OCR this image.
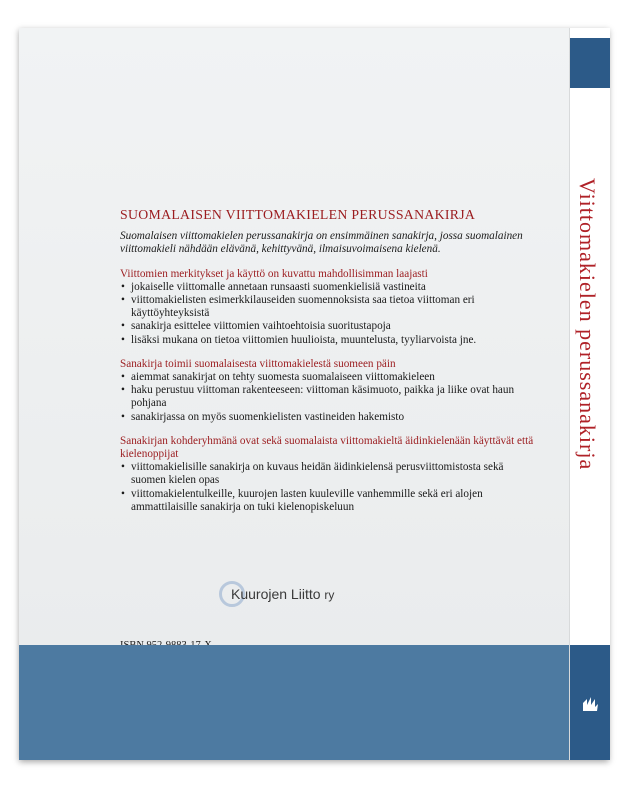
SUOMALAISEN VIITTOMAKIELEN PERUSSANAKIRJA
Suomalaisen viittomakielen perussanakirja on ensimmäinen sanakirja, jossa suomalainen viittomakieli nähdään elävänä, kehittyvänä, ilmaisuvoimaisena kielenä.
Viittomien merkitykset ja käyttö on kuvattu mahdollisimman laajasti
• jokaiselle viittomalle annetaan runsaasti suomenkielisiä vastineita
• viittomakielisten esimerkkilauseiden suomennoksista saa tietoa viittoman eri käyttöyhteyksistä
• sanakirja esittelee viittomien vaihtoehtoisia suoritustapoja
• lisäksi mukana on tietoa viittomien huulioista, muuntelusta, tyyliarvoista jne.
Sanakirja toimii suomalaisesta viittomakielestä suomeen päin
• aiemmat sanakirjat on tehty suomesta suomalaiseen viittomakieleen
• haku perustuu viittoman rakenteeseen: viittoman käsimuoto, paikka ja liike ovat haun pohjana
• sanakirjassa on myös suomenkielisten vastineiden hakemisto
Sanakirjan kohderyhmänä ovat sekä suomalaista viittomakieltä äidinkielenään käyttävät että kielenoppijat
• viittomakielisille sanakirja on kuvaus heidän äidinkielensä perusviittomistosta sekä suomen kielen opas
• viittomakielentulkeille, kuurojen lasten kuuleville vanhemmille sekä eri alojen ammattilaisille sanakirja on tuki kielenopiskeluun
Kuurojen Liitto ry
Viittomakielen perussanakirja
